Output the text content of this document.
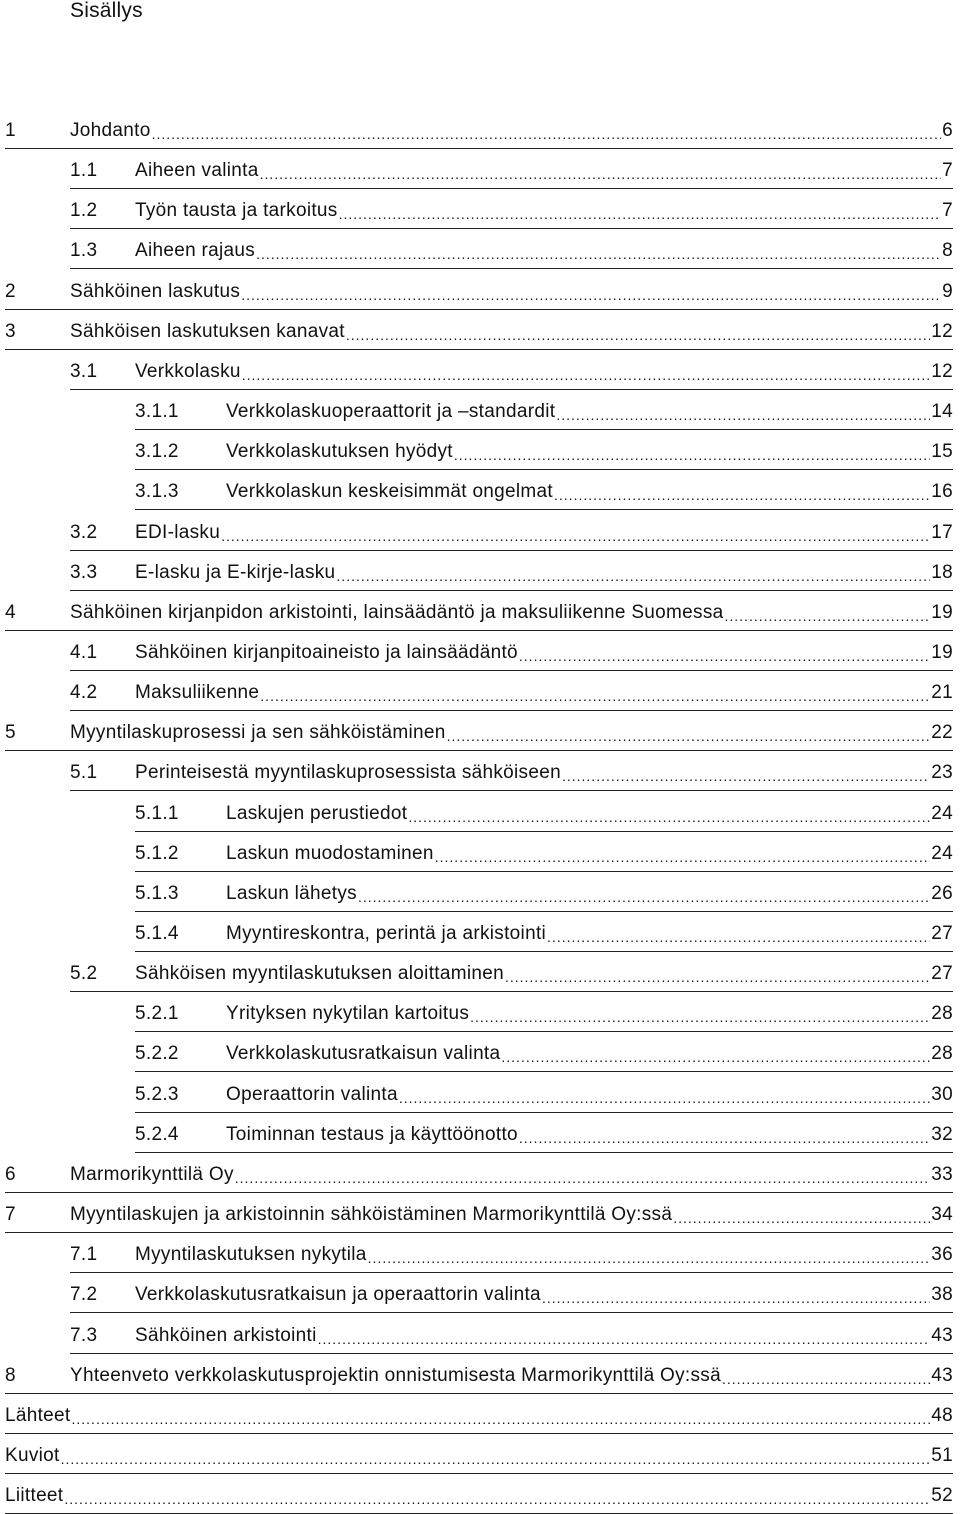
Sisällys
1	Johdanto .....	6
1.1	Aiheen valinta .....	7
1.2	Työn tausta ja tarkoitus .....	7
1.3	Aiheen rajaus .....	8
2	Sähköinen laskutus .....	9
3	Sähköisen laskutuksen kanavat .....	12
3.1	Verkkolasku .....	12
3.1.1	Verkkolaskuoperaattorit ja –standardit .....	14
3.1.2	Verkkolaskutuksen hyödyt .....	15
3.1.3	Verkkolaskun keskeisimmät ongelmat .....	16
3.2	EDI-lasku .....	17
3.3	E-lasku ja E-kirje-lasku .....	18
4	Sähköinen kirjanpidon arkistointi, lainsäädäntö ja maksuliikenne Suomessa .....	19
4.1	Sähköinen kirjanpitoaineisto ja lainsäädäntö .....	19
4.2	Maksuliikenne .....	21
5	Myyntilaskuprosessi ja sen sähköistäminen .....	22
5.1	Perinteisestä myyntilaskuprosessista sähköiseen .....	23
5.1.1	Laskujen perustiedot .....	24
5.1.2	Laskun muodostaminen .....	24
5.1.3	Laskun lähetys .....	26
5.1.4	Myyntireskontra, perintä ja arkistointi .....	27
5.2	Sähköisen myyntilaskutuksen aloittaminen .....	27
5.2.1	Yrityksen nykytilan kartoitus .....	28
5.2.2	Verkkolaskutusratkaisun valinta .....	28
5.2.3	Operaattorin valinta .....	30
5.2.4	Toiminnan testaus ja käyttöönotto .....	32
6	Marmorikynttilä Oy .....	33
7	Myyntilaskujen ja arkistoinnin sähköistäminen Marmorikynttilä Oy:ssä .....	34
7.1	Myyntilaskutuksen nykytila .....	36
7.2	Verkkolaskutusratkaisun ja operaattorin valinta .....	38
7.3	Sähköinen arkistointi .....	43
8	Yhteenveto verkkolaskutusprojektin onnistumisesta Marmorikynttilä Oy:ssä .....	43
Lähteet .....	48
Kuviot .....	51
Liitteet .....	52
